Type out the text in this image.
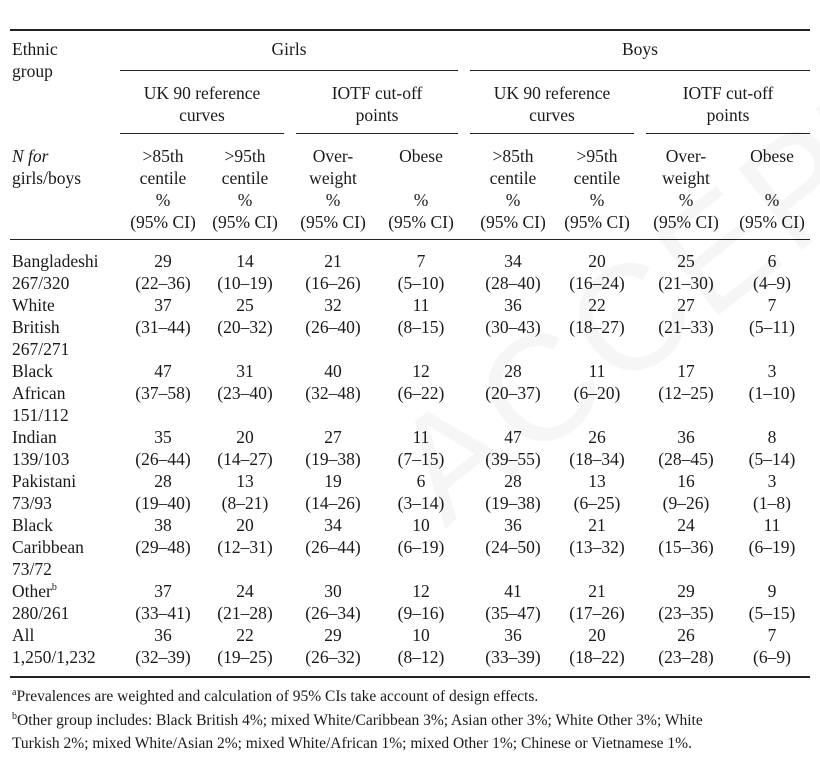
Ethnic
group
Girls	Boys
UK 90 reference
curves
IOTF cut-off
points
UK 90 reference
curves
IOTF cut-off
points
N for
girls/boys
>85th
centile
%
(95% CI)
>95th
centile
%
(95% CI)
Over-
weight
%
(95% CI)
Obese
%
(95% CI)
>85th
centile
%
(95% CI)
>95th
centile
%
(95% CI)
Over-
weight
%
(95% CI)
Obese
%
(95% CI)
Bangladeshi
267/320
29
(22–36)
14
(10–19)
21
(16–26)
7
(5–10)
34
(28–40)
20
(16–24)
25
(21–30)
6
(4–9)
White
British
267/271
37
(31–44)
25
(20–32)
32
(26–40)
11
(8–15)
36
(30–43)
22
(18–27)
27
(21–33)
7
(5–11)
Black
African
151/112
47
(37–58)
31
(23–40)
40
(32–48)
12
(6–22)
28
(20–37)
11
(6–20)
17
(12–25)
3
(1–10)
Indian
139/103
35
(26–44)
20
(14–27)
27
(19–38)
11
(7–15)
47
(39–55)
26
(18–34)
36
(28–45)
8
(5–14)
Pakistani
73/93
28
(19–40)
13
(8–21)
19
(14–26)
6
(3–14)
28
(19–38)
13
(6–25)
16
(9–26)
3
(1–8)
Black
Caribbean
73/72
38
(29–48)
20
(12–31)
34
(26–44)
10
(6–19)
36
(24–50)
21
(13–32)
24
(15–36)
11
(6–19)
Other$^b$
280/261
37
(33–41)
24
(21–28)
30
(26–34)
12
(9–16)
41
(35–47)
21
(17–26)
29
(23–35)
9
(5–15)
All
1,250/1,232
36
(32–39)
22
(19–25)
29
(26–32)
10
(8–12)
36
(33–39)
20
(18–22)
26
(23–28)
7
(6–9)
$^a$Prevalences are weighted and calculation of 95% CIs take account of design effects.
$^b$Other group includes: Black British 4%; mixed White/Caribbean 3%; Asian other 3%; White Other 3%; White
Turkish 2%; mixed White/Asian 2%; mixed White/African 1%; mixed Other 1%; Chinese or Vietnamese 1%.
